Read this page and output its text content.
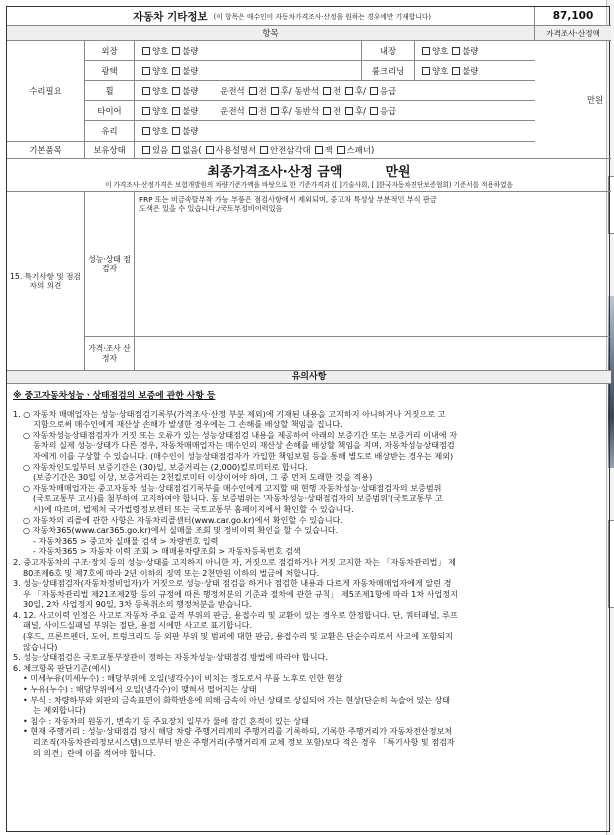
자동차 기타정보 (이 항목은 매수인이 자동차가격조사·산정을 원하는 경우에만 기재합니다)	87,100
항목	가격조사·산정액
수리필요
만원
외장	양호 불량	내장	양호 불량
광택	양호 불량	룸크리닝	양호 불량
휠	양호 불량	운전석 전 후 / 동반석 전 후 / 응급
타이어	양호 불량	운전석 전 후 / 동반석 전 후 / 응급
유리	양호 불량
기본품목	보유상태	있음 없음 ( 사용설명서 안전삼각대 잭 스패너 )
최종가격조사·산정 금액	만원
이 가격조사·산정가격은 보험개발원의 차량기준가액을 바탕으로 한 기준가격과 ([ ]기술사회, [ ]한국자동차진단보증협회) 기준서를 적용하였음
15. 특기사항 및 점검자의 의견
성능·상태 점검자
FRP 또는 비금속탈부착 가능 부품은 점검사항에서 제외되며, 중고차 특성상 부분적인 부식 판금 도색은 있을 수 있습니다./국토부정비이력있음
가격·조사 산정자
유의사항
※ 중고자동차성능ㆍ상태점검의 보증에 관한 사항 등

1. ○ 자동차 매매업자는 성능·상태점검기록부(가격조사·산정 부분 제외)에 기재된 내용을 고지하지 아니하거나 거짓으로 고

지함으로써 매수인에게 재산상 손해가 발생한 경우에는 그 손해를 배상할 책임을 집니다.

○ 자동차성능상태점검자가 거짓 또는 오류가 있는 성능상태점검 내용을 제공하여 아래의 보증기간 또는 보증거리 이내에 자

동차의 실제 성능·상태가 다른 경우, 자동차매매업자는 매수인의 재산상 손해를 배상할 책임을 지며, 자동차성능상태점검

자에게 이를 구상할 수 있습니다. (매수인이 성능상태점검자가 가입한 책임보험 등을 통해 별도로 배상받는 경우는 제외)

○ 자동차인도일부터 보증기간은 (30)일, 보증거리는 (2,000)킬로미터로 합니다.

(보증기간은 30일 이상, 보증거리는 2천킬로미터 이상이어야 하며, 그 중 먼저 도래한 것을 적용)

○ 자동차매매업자는 중고자동차 성능·상태점검기록부를 매수인에게 고지할 때 현행 자동차성능·상태점검자의 보증범위

(국토교통부 고시)를 첨부하여 고지하여야 합니다. 동 보증범위는 '자동차성능·상태점검자의 보증범위'(국토교통부 고

시)에 따르며, 법제처 국가법령정보센터 또는 국토교통부 홈페이지에서 확인할 수 있습니다.

○ 자동차의 리콜에 관한 사항은 자동차리콜센터(www.car.go.kr)에서 확인할 수 있습니다.

○ 자동차365(www.car365.go.kr)에서 실매물 조회 및 정비이력 확인을 할 수 있습니다.

- 자동차365 > 중고차 실매물 검색 > 차량번호 입력

- 자동차365 > 자동차 이력 조회 > 매매용차량조회 > 자동차등록번호 검색

2. 중고자동차의 구조·장치 등의 성능·상태를 고지하지 아니한 자, 거짓으로 점검하거나 거짓 고지한 자는 「자동차관리법」 제

80조제6호 및 제7호에 따라 2년 이하의 징역 또는 2천만원 이하의 벌금에 처합니다.

3. 성능·상태점검자(자동차정비업자)가 거짓으로 성능·상태 점검을 하거나 점검한 내용과 다르게 자동차매매업자에게 알린 경

우 「자동차관리법 제21조제2항 등의 규정에 따른 행정처분의 기준과 절차에 관한 규칙」 제5조제1항에 따라 1차 사업정지

30일, 2차 사업정지 90일, 3차 등록취소의 행정처분을 받습니다.

4. 12. 사고이력 인정은 사고로 자동차 주요 골격 부위의 판금, 용접수리 및 교환이 있는 경우로 한정합니다. 단, 쿼터패널, 루프

패널, 사이드실패널 부위는 절단, 용접 시에만 사고로 표기합니다.

(후드, 프론트펜더, 도어, 트렁크리드 등 외판 부위 및 범퍼에 대한 판금, 용접수리 및 교환은 단순수리로서 사고에 포함되지

않습니다)

5. 성능·상태점검은 국토교통부장관이 정하는 자동차성능·상태점검 방법에 따라야 합니다.

6. 체크항목 판단기준(예시)

• 미세누유(미세누수) : 해당부위에 오일(냉각수)이 비치는 정도로서 부품 노후로 인한 현상

• 누유(누수) : 해당부위에서 오일(냉각수)이 맺혀서 떨어지는 상태

• 부식 : 차량하부와 외판의 금속표면이 화학반응에 의해 금속이 아닌 상태로 상실되어 가는 현상(단순히 녹슬어 있는 상태

는 제외합니다)

• 침수 : 자동차의 원동기, 변속기 등 주요장치 일부가 물에 잠긴 흔적이 있는 상태

• 현재 주행거리 : 성능·상태점검 당시 해당 차량 주행거리계의 주행거리를 기록하되, 기록한 주행거리가 자동차전산정보처

리조직(자동차관리정보시스템)으로부터 받은 주행거리(주행거리계 교체 정보 포함)보다 적은 경우 「특기사항 및 점검자

의 의견」란에 이를 적어야 합니다.
